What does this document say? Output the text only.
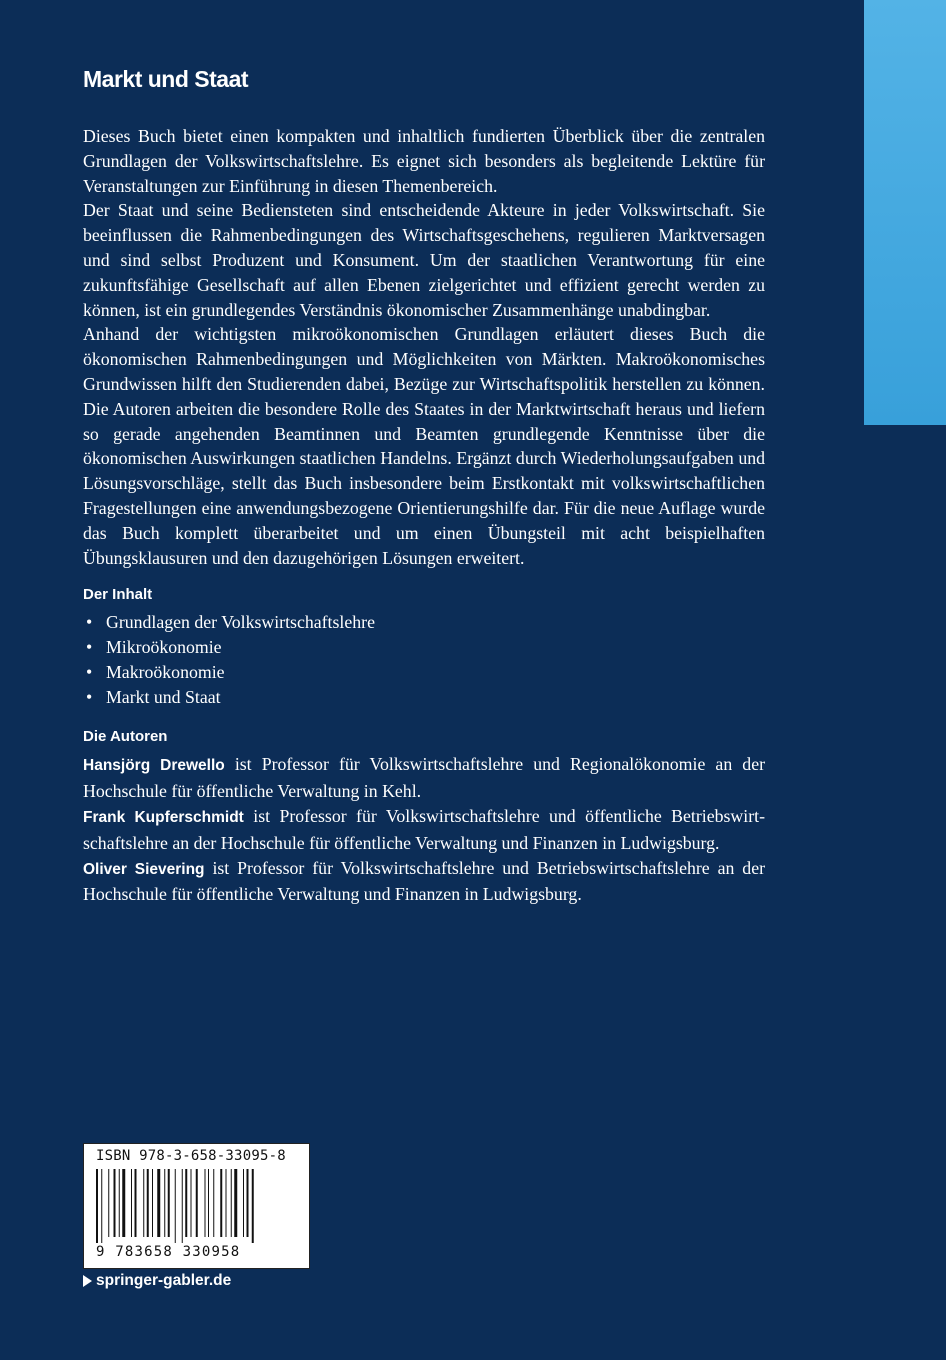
Markt und Staat

Dieses Buch bietet einen kompakten und inhaltlich fundierten Überblick über die zentralen Grundlagen der Volkswirtschaftslehre. Es eignet sich besonders als begleitende Lektüre für Veranstaltungen zur Einführung in diesen Themenbereich.

Der Staat und seine Bediensteten sind entscheidende Akteure in jeder Volkswirtschaft. Sie beeinflussen die Rahmenbedingungen des Wirtschaftsgeschehens, regulieren Marktversagen und sind selbst Produzent und Konsument. Um der staatlichen Verantwortung für eine zukunftsfähige Gesellschaft auf allen Ebenen zielgerichtet und effizient gerecht werden zu können, ist ein grundlegendes Verständnis ökonomischer Zusammenhänge unabdingbar.

Anhand der wichtigsten mikroökonomischen Grundlagen erläutert dieses Buch die ökonomischen Rahmenbedingungen und Möglichkeiten von Märkten. Makroökonomisches Grundwissen hilft den Studierenden dabei, Bezüge zur Wirtschaftspolitik herstellen zu können. Die Autoren arbeiten die besondere Rolle des Staates in der Marktwirtschaft heraus und liefern so gerade angehenden Beamtinnen und Beamten grundlegende Kenntnisse über die ökonomischen Auswirkungen staatlichen Handelns. Ergänzt durch Wiederholungsaufgaben und Lösungsvorschläge, stellt das Buch insbesondere beim Erstkontakt mit volkswirtschaftlichen Fragestellungen eine anwendungsbezogene Orientierungshilfe dar. Für die neue Auflage wurde das Buch komplett überarbeitet und um einen Übungsteil mit acht beispielhaften Übungsklausuren und den dazugehörigen Lösungen erweitert.

Der Inhalt
• Grundlagen der Volkswirtschaftslehre
• Mikroökonomie
• Makroökonomie
• Markt und Staat
Die Autoren

Hansjörg Drewello ist Professor für Volkswirtschaftslehre und Regionalökonomie an der Hochschule für öffentliche Verwaltung in Kehl.

Frank Kupferschmidt ist Professor für Volkswirtschaftslehre und öffentliche Betriebswirtschaftslehre an der Hochschule für öffentliche Verwaltung und Finanzen in Ludwigsburg.

Oliver Sievering ist Professor für Volkswirtschaftslehre und Betriebswirtschaftslehre an der Hochschule für öffentliche Verwaltung und Finanzen in Ludwigsburg.

ISBN 978-3-658-33095-8
9 783658 330958
springer-gabler.de
